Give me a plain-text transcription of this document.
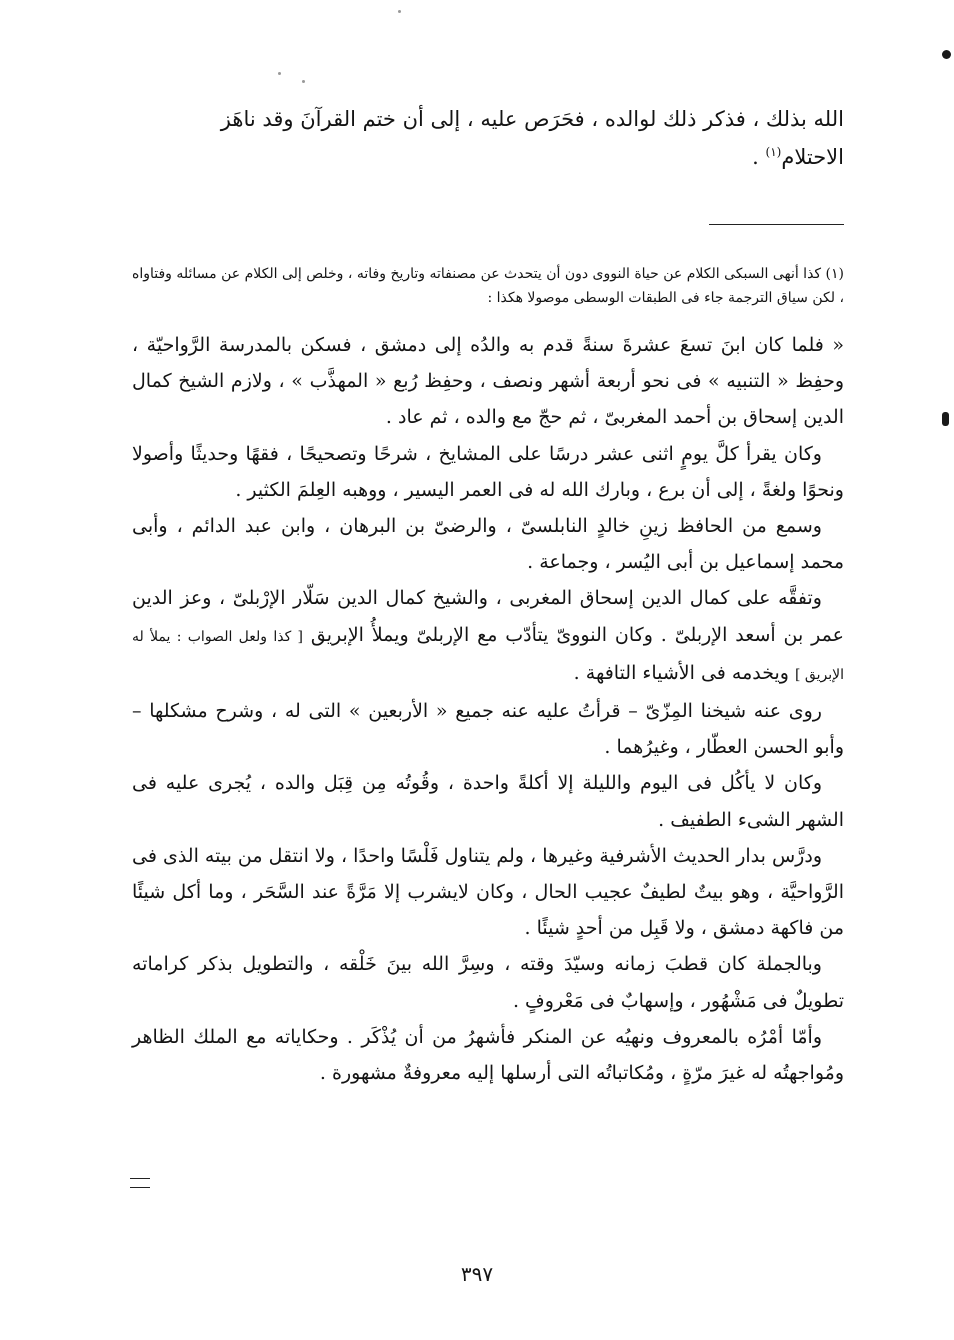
الله بذلك ، فذكر ذلك لوالده ، فحَرَص عليه ، إلى أن ختم القرآنَ وقد ناهَز

الاحتلام$^{(١)}$ .

(١) كذا أنهى السبكى الكلام عن حياة النووى دون أن يتحدث عن مصنفاته وتاريخ وفاته ، وخلص إلى الكلام عن مسائله وفتاواه ، لكن سياق الترجمة جاء فى الطبقات الوسطى موصولا هكذا :

« فلما كان ابنَ تسعَ عشرةَ سنةً قدم به والدُه إلى دمشق ، فسكن بالمدرسة الرَّواحيّة ، وحفِظ « التنبيه » فى نحو أربعة أشهر ونصف ، وحفِظ رُبع « المهذَّب » ، ولازم الشيخ كمال الدين إسحاق بن أحمد المغربىّ ، ثم حجّ مع والده ، ثم عاد .

وكان يقرأ كلَّ يومٍ اثنى عشر درسًا على المشايخ ، شرحًا وتصحيحًا ، فقهًا وحديثًا وأصولا ونحوًا ولغةً ، إلى أن برع ، وبارك الله له فى العمر اليسير ، ووهبه العِلمَ الكثير .

وسمع من الحافظ زينِ خالدٍ النابلسىّ ، والرضىّ بن البرهان ، وابن عبد الدائم ، وأبى محمد إسماعيل بن أبى اليُسر ، وجماعة .

وتفقَّه على كمال الدين إسحاق المغربى ، والشيخ كمال الدين سَلّار الإرْبلىّ ، وعز الدين عمر بن أسعد الإربلىّ . وكان النووىّ يتأدّب مع الإربلىّ ويملأُ الإبريق [ كذا ولعل الصواب : يملأ له الإبريق ] ويخدمه فى الأشياء التافهة .

روى عنه شيخنا المِزّىّ – قرأتُ عليه عنه جميع « الأربعين » التى له ، وشرح مشكلها – وأبو الحسن العطّار ، وغيرُهما .

وكان لا يأكُل فى اليوم والليلة إلا أكلةً واحدة ، وقُوتُه مِن قِبَل والده ، يُجرى عليه فى الشهر الشىء الطفيف .

ودرَّس بدار الحديث الأشرفية وغيرها ، ولم يتناول فَلْسًا واحدًا ، ولا انتقل من بيته الذى فى الرَّواحيَّة ، وهو بيتٌ لطيفٌ عجيب الحال ، وكان لايشرب إلا مَرَّةً عند السَّحَر ، وما أكل شيئًا من فاكهة دمشق ، ولا قَبِل من أحدٍ شيئًا .

وبالجملة كان قطبَ زمانه وسيّدَ وقته ، وسِرَّ الله بينَ خَلْقه ، والتطويل بذكر كراماته تطويلٌ فى مَشْهُور ، وإسهابٌ فى مَعْروفٍ .

وأمّا أمْرُه بالمعروف ونهيُه عن المنكر فأشهرُ من أن يُذْكَر . وحكاياته مع الملك الظاهر ومُواجهتُه له غيرَ مرّةٍ ، ومُكاتباتُه التى أرسلها إليه معروفةٌ مشهورة .

٣٩٧
